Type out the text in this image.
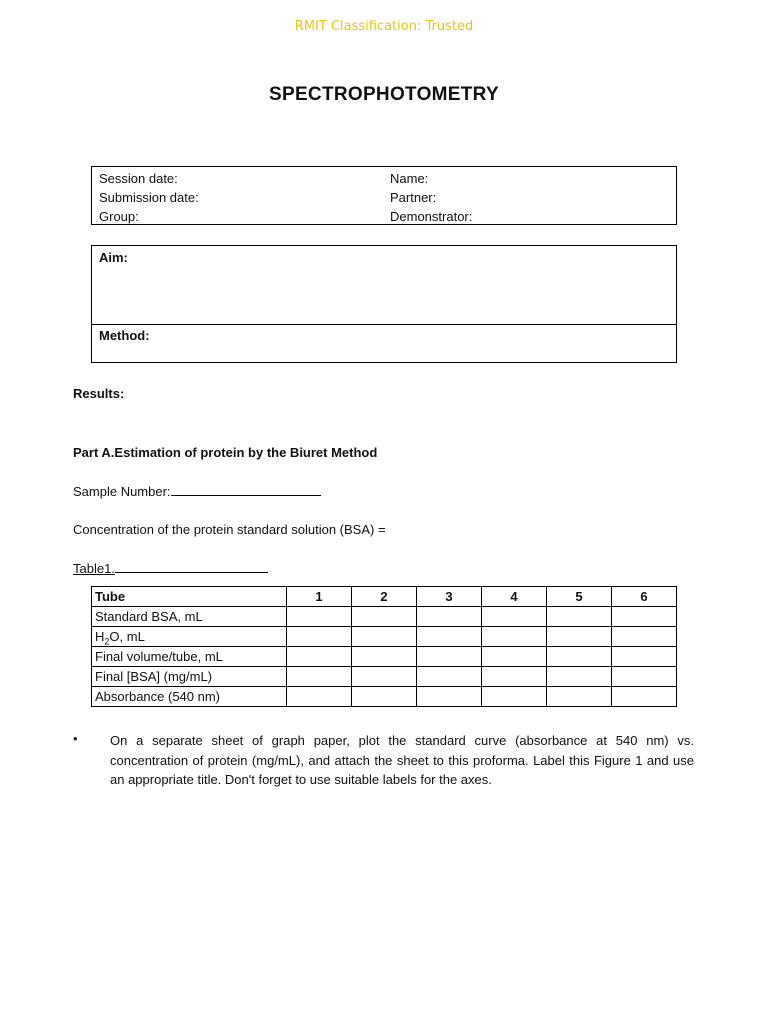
RMIT Classification: Trusted
SPECTROPHOTOMETRY
Session date:	Name:
Submission date:	Partner:
Group:	Demonstrator:
Aim:
Method:
Results:
Part A.Estimation of protein by the Biuret Method
Sample Number:
Concentration of the protein standard solution (BSA) =
Table1.
Tube	1	2	3	4	5	6
Standard BSA, mL						
$H_2O$, mL						
Final volume/tube, mL						
Final [BSA] (mg/mL)						
Absorbance (540 nm)						
• On a separate sheet of graph paper, plot the standard curve (absorbance at 540 nm) vs. concentration of protein (mg/mL), and attach the sheet to this proforma. Label this Figure 1 and use an appropriate title. Don't forget to use suitable labels for the axes.
